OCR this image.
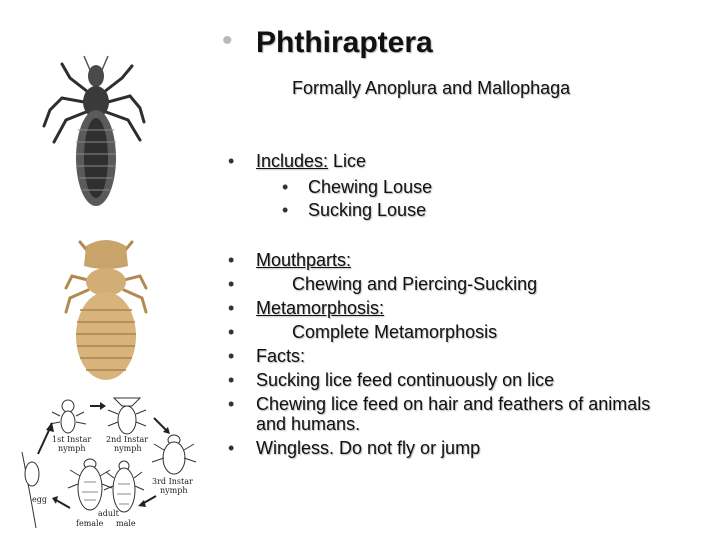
• Phthiraptera
Formally Anoplura and Mallophaga
• Includes: Lice
• Chewing Louse
• Sucking Louse
•
•
•
•
•
•
•
•
Mouthparts:
Chewing and Piercing-Sucking
Metamorphosis:
Complete Metamorphosis
Facts:
Sucking lice feed continuously on lice
Chewing lice feed on hair and feathers of animals
and humans.
Wingless. Do not fly or jump
1st Instar
nymph
2nd Instar
nymph
3rd Instar
nymph
adult
female male
egg
